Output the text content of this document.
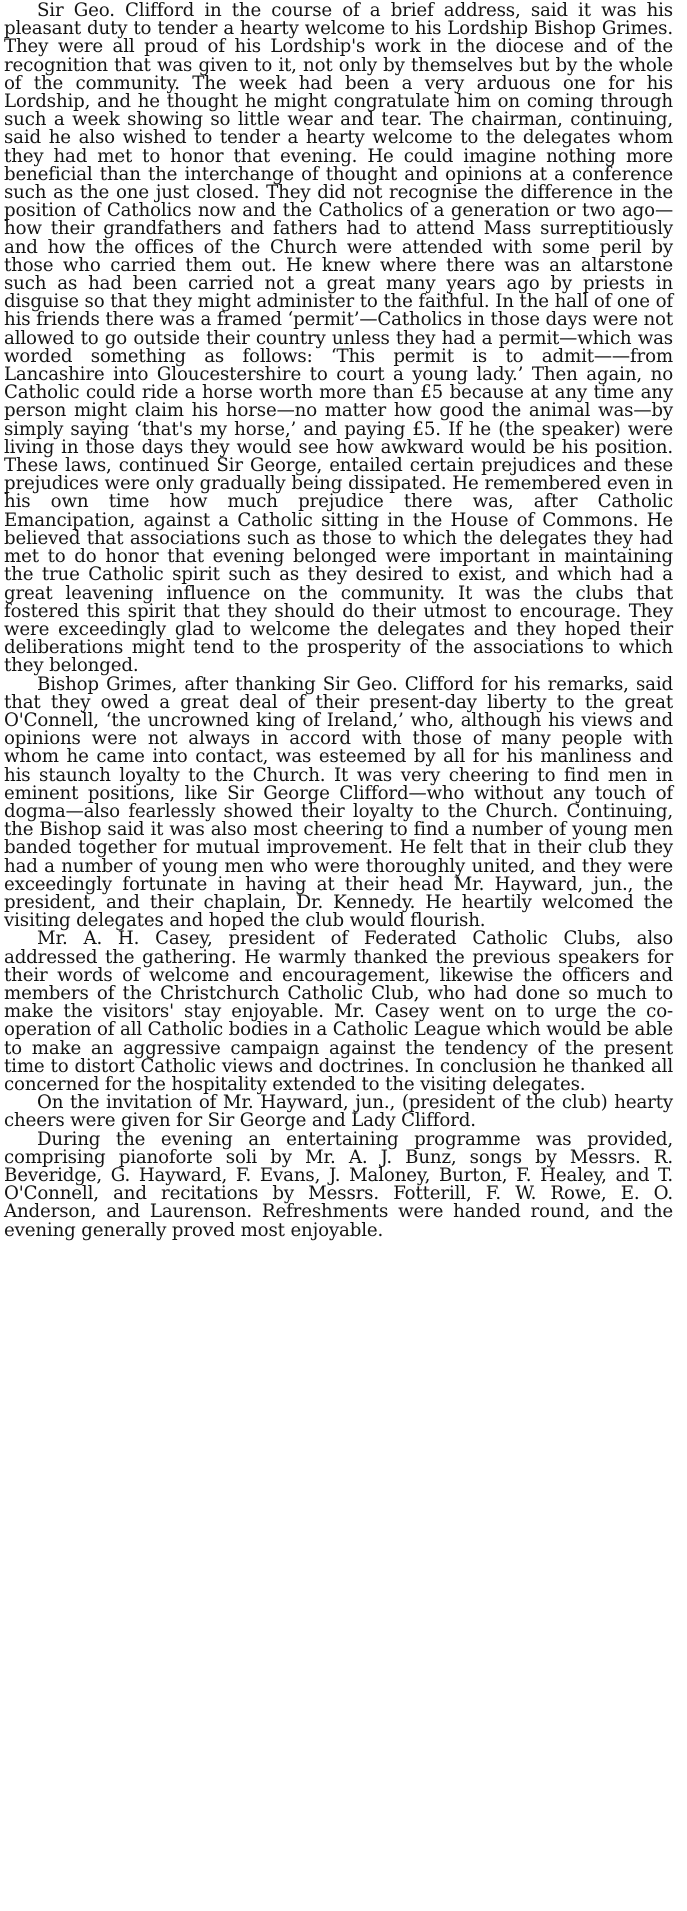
Sir Geo. Clifford in the course of a brief address, said it was his pleasant duty to tender a hearty welcome to his Lordship Bishop Grimes. They were all proud of his Lordship's work in the diocese and of the recognition that was given to it, not only by themselves but by the whole of the community. The week had been a very arduous one for his Lordship, and he thought he might congratulate him on coming through such a week showing so little wear and tear. The chairman, continuing, said he also wished to tender a hearty welcome to the delegates whom they had met to honor that evening. He could imagine nothing more beneficial than the interchange of thought and opinions at a conference such as the one just closed. They did not recognise the difference in the position of Catholics now and the Catholics of a generation or two ago—how their grandfathers and fathers had to attend Mass surreptitiously and how the offices of the Church were attended with some peril by those who carried them out. He knew where there was an altarstone such as had been carried not a great many years ago by priests in disguise so that they might administer to the faithful. In the hall of one of his friends there was a framed ‘permit’—Catholics in those days were not allowed to go outside their country unless they had a permit—which was worded something as follows: ‘This permit is to admit——from Lancashire into Gloucestershire to court a young lady.’ Then again, no Catholic could ride a horse worth more than £5 because at any time any person might claim his horse—no matter how good the animal was—by simply saying ‘that's my horse,’ and paying £5. If he (the speaker) were living in those days they would see how awkward would be his position. These laws, continued Sir George, entailed certain prejudices and these prejudices were only gradually being dissipated. He remembered even in his own time how much prejudice there was, after Catholic Emancipation, against a Catholic sitting in the House of Commons. He believed that associations such as those to which the delegates they had met to do honor that evening belonged were important in maintaining the true Catholic spirit such as they desired to exist, and which had a great leavening influence on the community. It was the clubs that fostered this spirit that they should do their utmost to encourage. They were exceedingly glad to welcome the delegates and they hoped their deliberations might tend to the prosperity of the associations to which they belonged.

Bishop Grimes, after thanking Sir Geo. Clifford for his remarks, said that they owed a great deal of their present-day liberty to the great O'Connell, ‘the uncrowned king of Ireland,’ who, although his views and opinions were not always in accord with those of many people with whom he came into contact, was esteemed by all for his manliness and his staunch loyalty to the Church. It was very cheering to find men in eminent positions, like Sir George Clifford—who without any touch of dogma—also fearlessly showed their loyalty to the Church. Continuing, the Bishop said it was also most cheering to find a number of young men banded together for mutual improvement. He felt that in their club they had a number of young men who were thoroughly united, and they were exceedingly fortunate in having at their head Mr. Hayward, jun., the president, and their chaplain, Dr. Kennedy. He heartily welcomed the visiting delegates and hoped the club would flourish.

Mr. A. H. Casey, president of Federated Catholic Clubs, also addressed the gathering. He warmly thanked the previous speakers for their words of welcome and encouragement, likewise the officers and members of the Christchurch Catholic Club, who had done so much to make the visitors' stay enjoyable. Mr. Casey went on to urge the co-operation of all Catholic bodies in a Catholic League which would be able to make an aggressive campaign against the tendency of the present time to distort Catholic views and doctrines. In conclusion he thanked all concerned for the hospitality extended to the visiting delegates.

On the invitation of Mr. Hayward, jun., (president of the club) hearty cheers were given for Sir George and Lady Clifford.

During the evening an entertaining programme was provided, comprising pianoforte soli by Mr. A. J. Bunz, songs by Messrs. R. Beveridge, G. Hayward, F. Evans, J. Maloney, Burton, F. Healey, and T. O'Connell, and recitations by Messrs. Fotterill, F. W. Rowe, E. O. Anderson, and Laurenson. Refreshments were handed round, and the evening generally proved most enjoyable.
